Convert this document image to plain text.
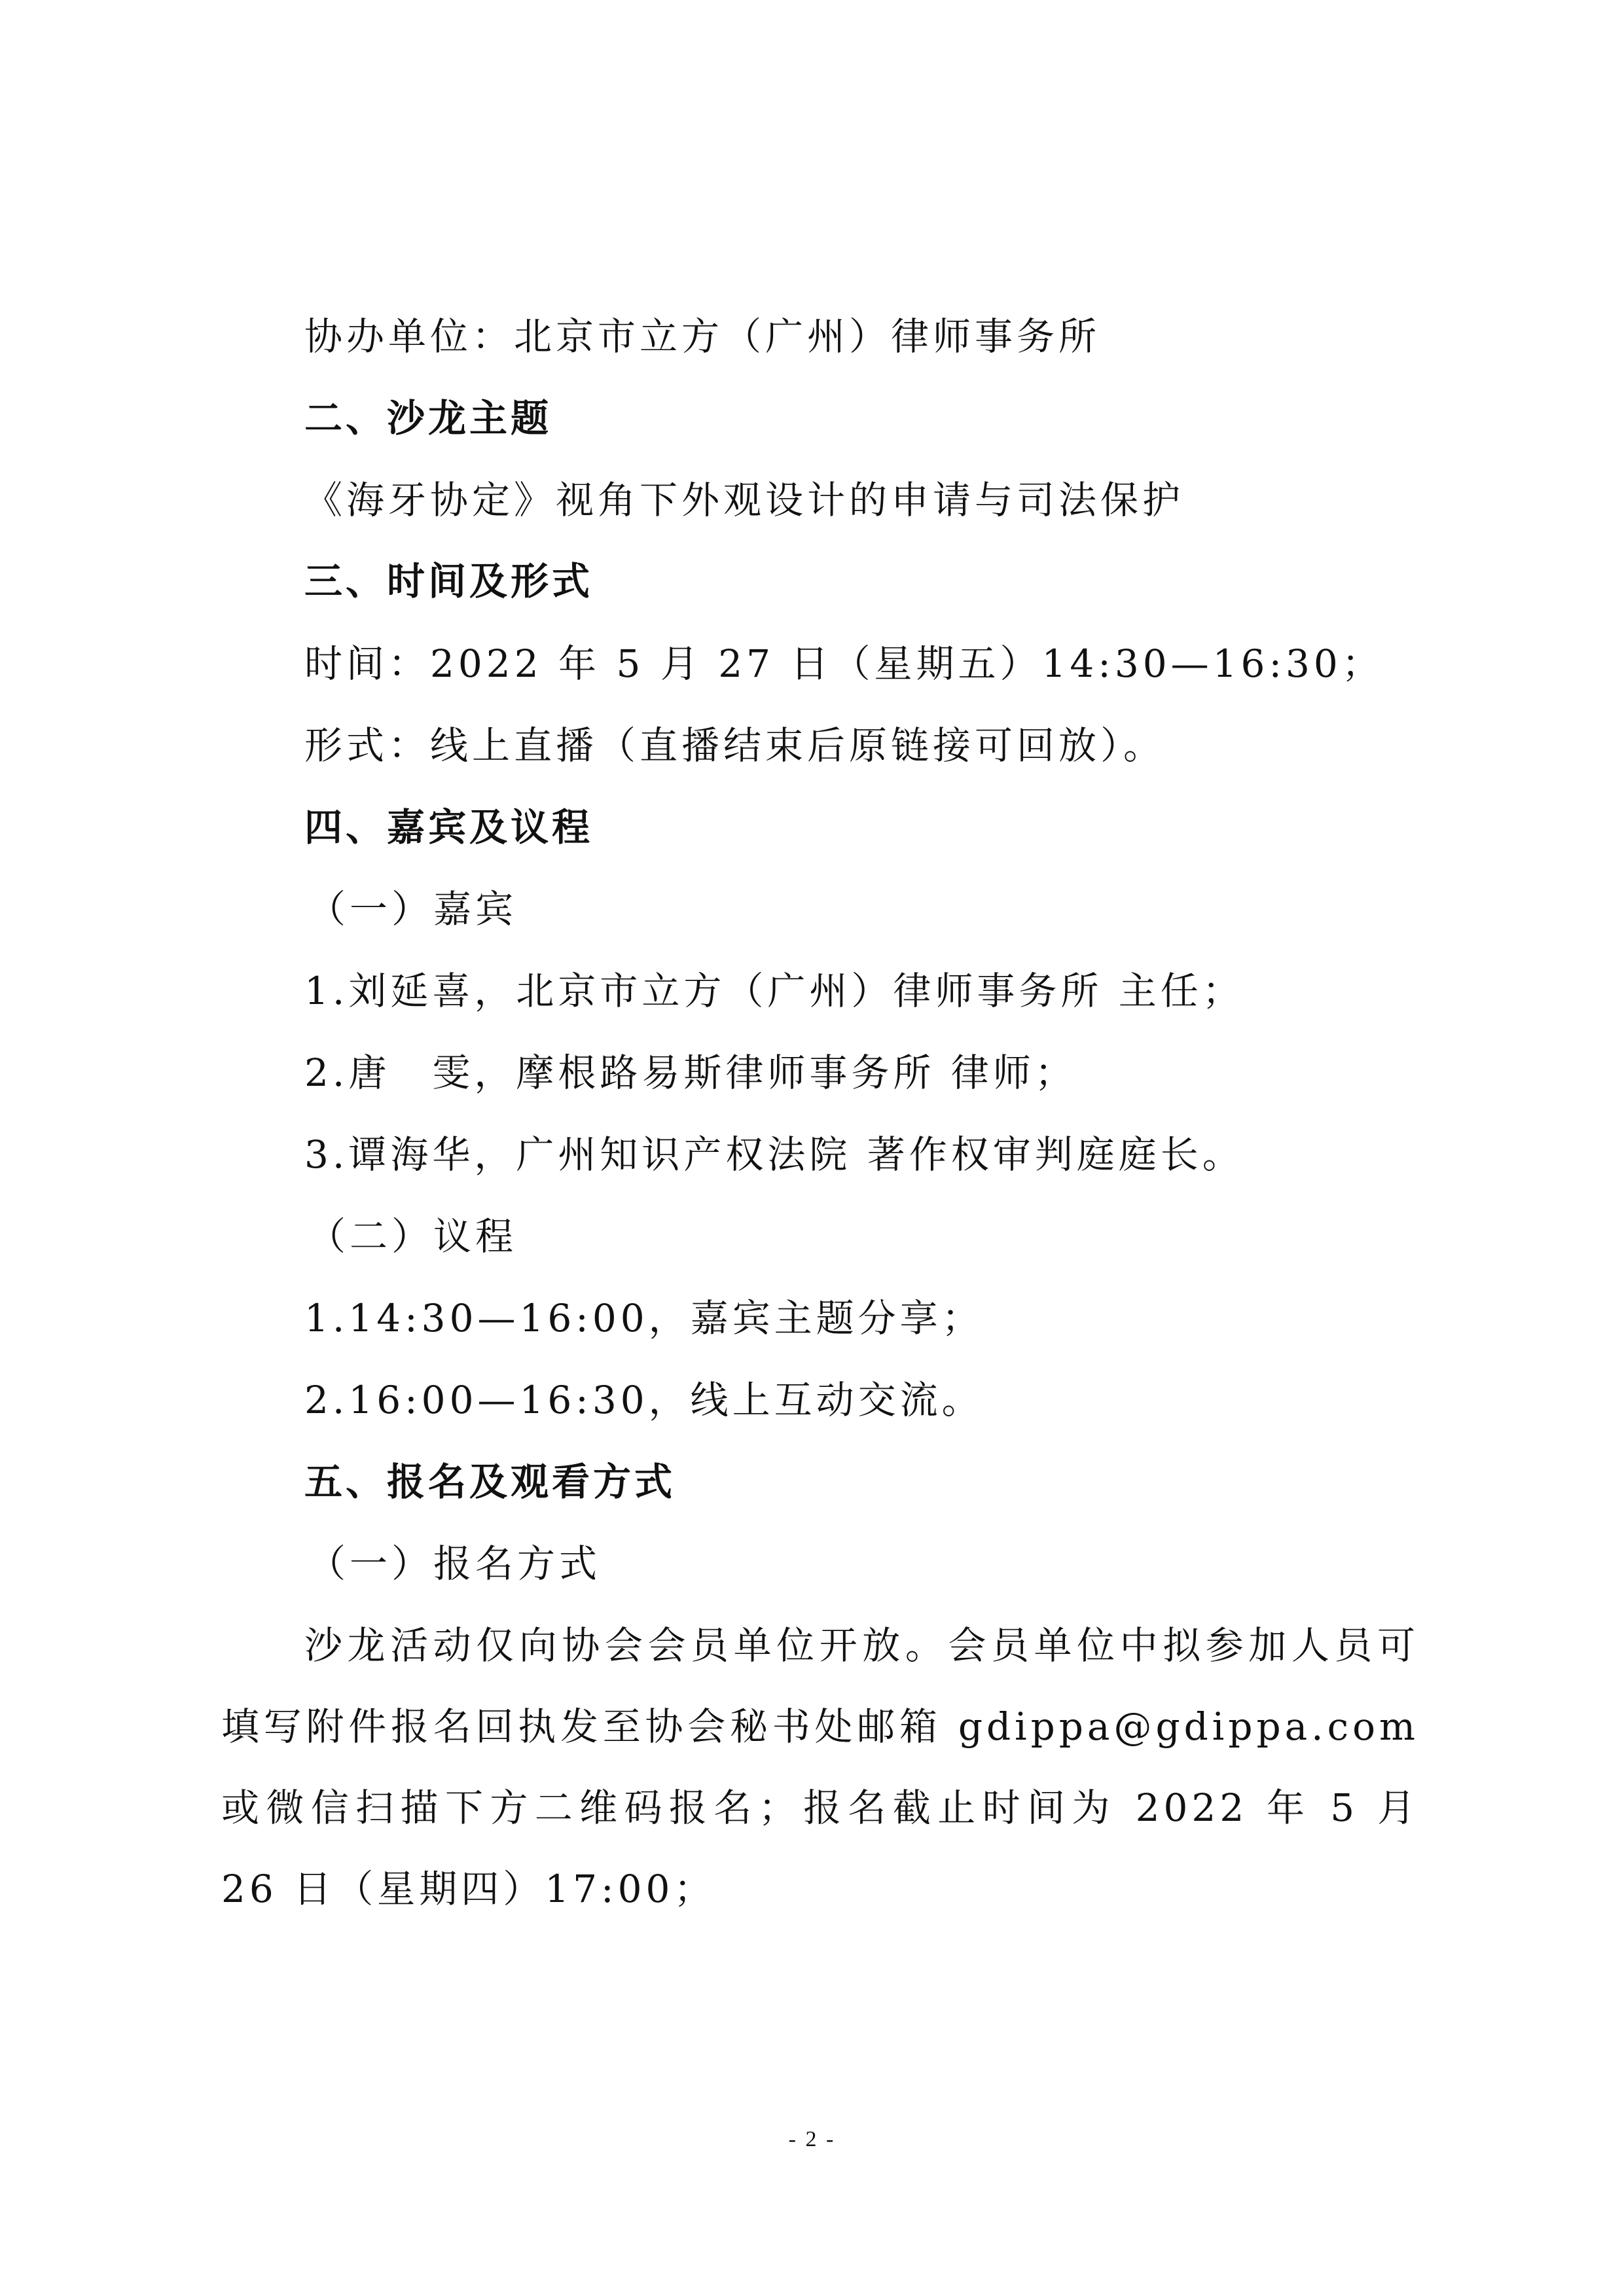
协办单位：北京市立方（广州）律师事务所
二、沙龙主题
《海牙协定》视角下外观设计的申请与司法保护
三、时间及形式
时间：2022 年 5 月 27 日（星期五）14:30—16:30；
形式：线上直播（直播结束后原链接可回放）。
四、嘉宾及议程
（一）嘉宾
1.刘延喜，北京市立方（广州）律师事务所 主任；
2.唐　雯，摩根路易斯律师事务所 律师；
3.谭海华，广州知识产权法院 著作权审判庭庭长。
（二）议程
1.14:30—16:00，嘉宾主题分享；
2.16:00—16:30，线上互动交流。
五、报名及观看方式
（一）报名方式
沙龙活动仅向协会会员单位开放。会员单位中拟参加人员可填写附件报名回执发至协会秘书处邮箱 gdippa@gdippa.com 或微信扫描下方二维码报名；报名截止时间为 2022 年 5 月 26 日（星期四）17:00；
- 2 -
